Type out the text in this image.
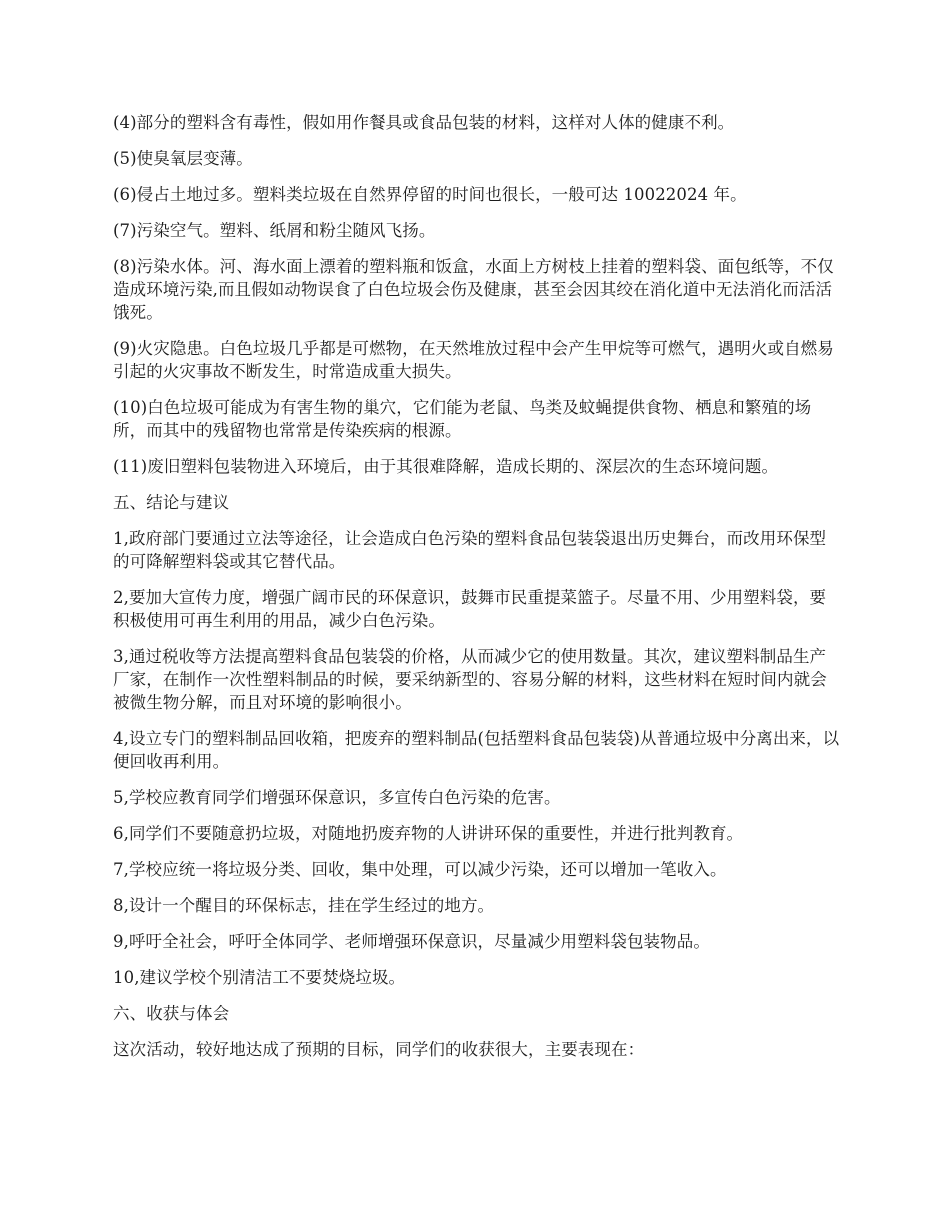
(4)部分的塑料含有毒性，假如用作餐具或食品包装的材料，这样对人体的健康不利。

(5)使臭氧层变薄。

(6)侵占土地过多。塑料类垃圾在自然界停留的时间也很长，一般可达 10022024 年。

(7)污染空气。塑料、纸屑和粉尘随风飞扬。

(8)污染水体。河、海水面上漂着的塑料瓶和饭盒，水面上方树枝上挂着的塑料袋、面包纸等，不仅造成环境污染,而且假如动物误食了白色垃圾会伤及健康，甚至会因其绞在消化道中无法消化而活活饿死。

(9)火灾隐患。白色垃圾几乎都是可燃物，在天然堆放过程中会产生甲烷等可燃气，遇明火或自燃易引起的火灾事故不断发生，时常造成重大损失。

(10)白色垃圾可能成为有害生物的巢穴，它们能为老鼠、鸟类及蚊蝇提供食物、栖息和繁殖的场所，而其中的残留物也常常是传染疾病的根源。

(11)废旧塑料包装物进入环境后，由于其很难降解，造成长期的、深层次的生态环境问题。

五、结论与建议

1,政府部门要通过立法等途径，让会造成白色污染的塑料食品包装袋退出历史舞台，而改用环保型的可降解塑料袋或其它替代品。

2,要加大宣传力度，增强广阔市民的环保意识，鼓舞市民重提菜篮子。尽量不用、少用塑料袋，要积极使用可再生利用的用品，减少白色污染。

3,通过税收等方法提高塑料食品包装袋的价格，从而减少它的使用数量。其次，建议塑料制品生产厂家，在制作一次性塑料制品的时候，要采纳新型的、容易分解的材料，这些材料在短时间内就会被微生物分解，而且对环境的影响很小。

4,设立专门的塑料制品回收箱，把废弃的塑料制品(包括塑料食品包装袋)从普通垃圾中分离出来，以便回收再利用。

5,学校应教育同学们增强环保意识，多宣传白色污染的危害。

6,同学们不要随意扔垃圾，对随地扔废弃物的人讲讲环保的重要性，并进行批判教育。

7,学校应统一将垃圾分类、回收，集中处理，可以减少污染，还可以增加一笔收入。

8,设计一个醒目的环保标志，挂在学生经过的地方。

9,呼吁全社会，呼吁全体同学、老师增强环保意识，尽量减少用塑料袋包装物品。

10,建议学校个别清洁工不要焚烧垃圾。

六、收获与体会

这次活动，较好地达成了预期的目标，同学们的收获很大，主要表现在：
